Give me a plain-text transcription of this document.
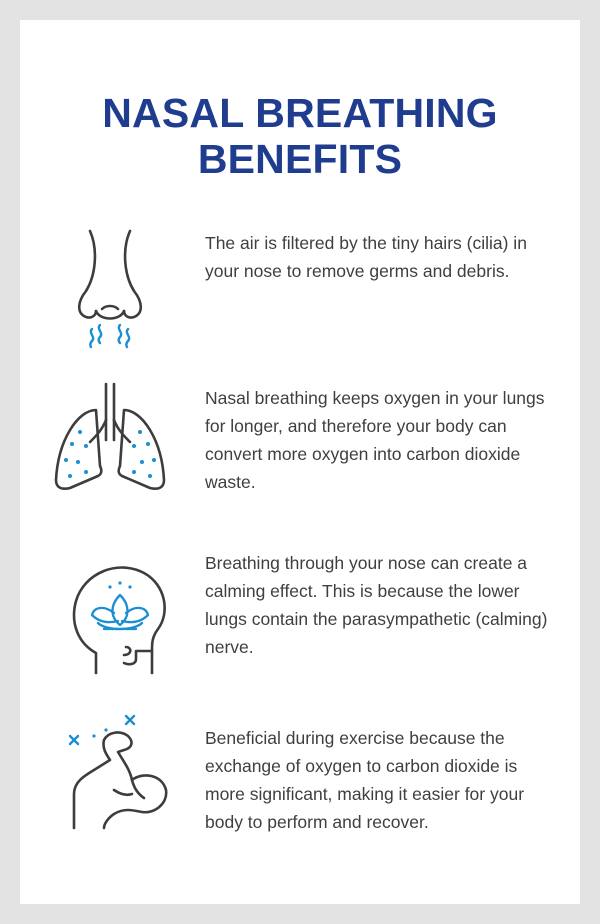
NASAL BREATHING
BENEFITS

The air is filtered by the tiny hairs (cilia) in your nose to remove germs and debris.

Nasal breathing keeps oxygen in your lungs for longer, and therefore your body can convert more oxygen into carbon dioxide waste.

Breathing through your nose can create a calming effect. This is because the lower lungs contain the parasympathetic (calming) nerve.

Beneficial during exercise because the exchange of oxygen to carbon dioxide is more significant, making it easier for your body to perform and recover.
